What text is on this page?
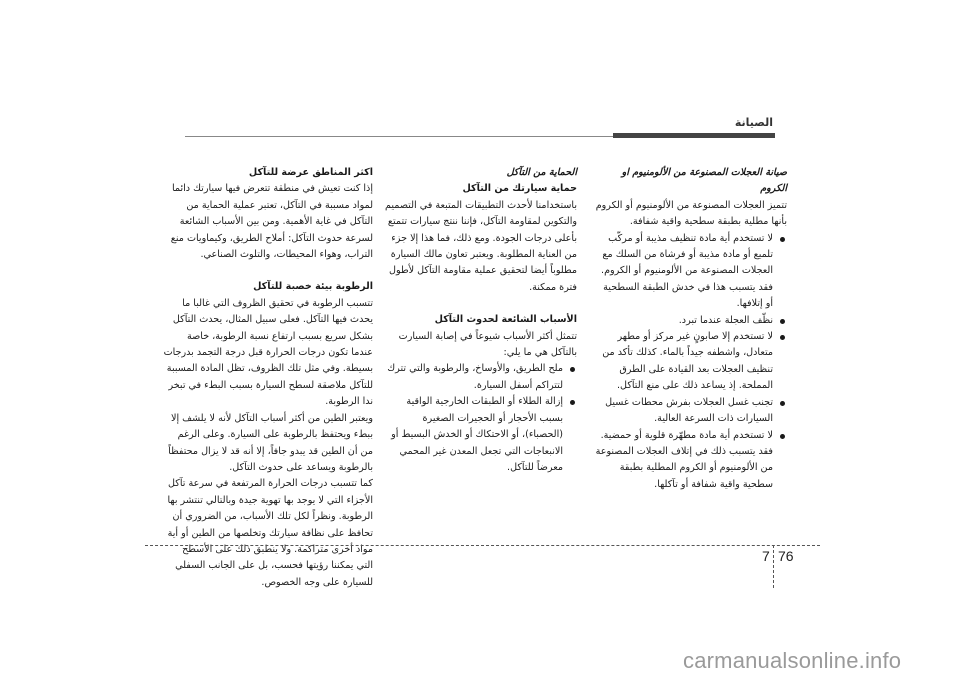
الصيانة
صيانة العجلات المصنوعة من الألومنيوم او الكروم

تتميز العجلات المصنوعة من الألومنيوم أو الكروم بأنها مطلية بطبقة سطحية واقية شفافة.

لا تستخدم أية مادة تنظيف مذيبة أو مركّب تلميع أو مادة مذيبة أو فرشاة من السلك مع العجلات المصنوعة من الألومنيوم أو الكروم. فقد يتسبب هذا في خدش الطبقة السطحية أو إتلافها.
نظّف العجلة عندما تبرد.
لا تستخدم إلا صابونٍ غير مركز أو مطهر متعادل، واشطفه جيداً بالماء. كذلك تأكد من تنظيف العجلات بعد القيادة على الطرق المملحة. إذ يساعد ذلك على منع التآكل.
تجنب غسل العجلات بفرش محطات غسيل السيارات ذات السرعة العالية.
لا تستخدم أية مادة مطهّرة قلوية أو حمضية. فقد يتسبب ذلك في إتلاف العجلات المصنوعة من الألومنيوم أو الكروم المطلية بطبقة سطحية واقية شفافة أو تآكلها.
الحماية من التآكل
حماية سيارتك من التآكل

باستخدامنا لأحدث التطبيقات المتبعة في التصميم والتكوين لمقاومة التآكل، فإننا ننتج سيارات تتمتع بأعلى درجات الجودة. ومع ذلك، فما هذا إلا جزء من العناية المطلوبة. ويعتبر تعاون مالك السيارة مطلوباً أيضا لتحقيق عملية مقاومة التآكل لأطول فترة ممكنة.

الأسباب الشائعة لحدوث التآكل

تتمثل أكثر الأسباب شيوعاً في إصابة السيارت بالتآكل هي ما يلي:

ملح الطريق، والأوساخ، والرطوبة والتي تترك لتتراكم أسفل السيارة.
إزالة الطلاء أو الطبقات الخارجية الواقية بسبب الأحجار أو الحجيرات الصغيرة (الحصباء)، أو الاحتكاك أو الخدش البسيط أو الانبعاجات التي تجعل المعدن غير المحمي معرضاً للتآكل.
اكثر المناطق عرضة للتآكل

إذا كنت تعيش في منطقة تتعرض فيها سيارتك دائما لمواد مسببة في التآكل، تعتبر عملية الحماية من التآكل في غاية الأهمية. ومن بين الأسباب الشائعة لسرعة حدوث التآكل: أملاح الطريق، وكيماويات منع التراب، وهواء المحيطات، والتلوث الصناعي.

الرطوبة بيئة خصبة للتآكل

تتسبب الرطوبة في تحقيق الظروف التي غالبا ما يحدث فيها التآكل. فعلى سبيل المثال، يحدث التآكل بشكل سريع بسبب ارتفاع نسبة الرطوبة، خاصة عندما تكون درجات الحرارة قبل درجة التجمد بدرجات بسيطة. وفي مثل تلك الظروف، تظل المادة المسببة للتآكل ملاصقة لسطح السيارة بسبب البطء في تبخر ندا الرطوبة.

ويعتبر الطين من أكثر أسباب التآكل لأنه لا يلشف إلا ببطء ويحتفظ بالرطوبة على السيارة. وعلى الرغم من أن الطين قد يبدو جافاً، إلا أنه قد لا يزال محتفظاً بالرطوبة ويساعد على حدوث التآكل.

كما تتسبب درجات الحرارة المرتفعة في سرعة تآكل الأجزاء التي لا يوجد بها تهوية جيدة وبالتالي تنتشر بها الرطوبة. ونظراً لكل تلك الأسباب، من الضروري أن تحافظ على نظافة سيارتك وتخلصها من الطين أو أية مواد أخرى متراكمة. ولا ينطبق ذلك على الأسطح التي يمكننا رؤيتها فحسب، بل على الجانب السفلي للسيارة على وجه الخصوص.

7 76
carmanualsonline.info
